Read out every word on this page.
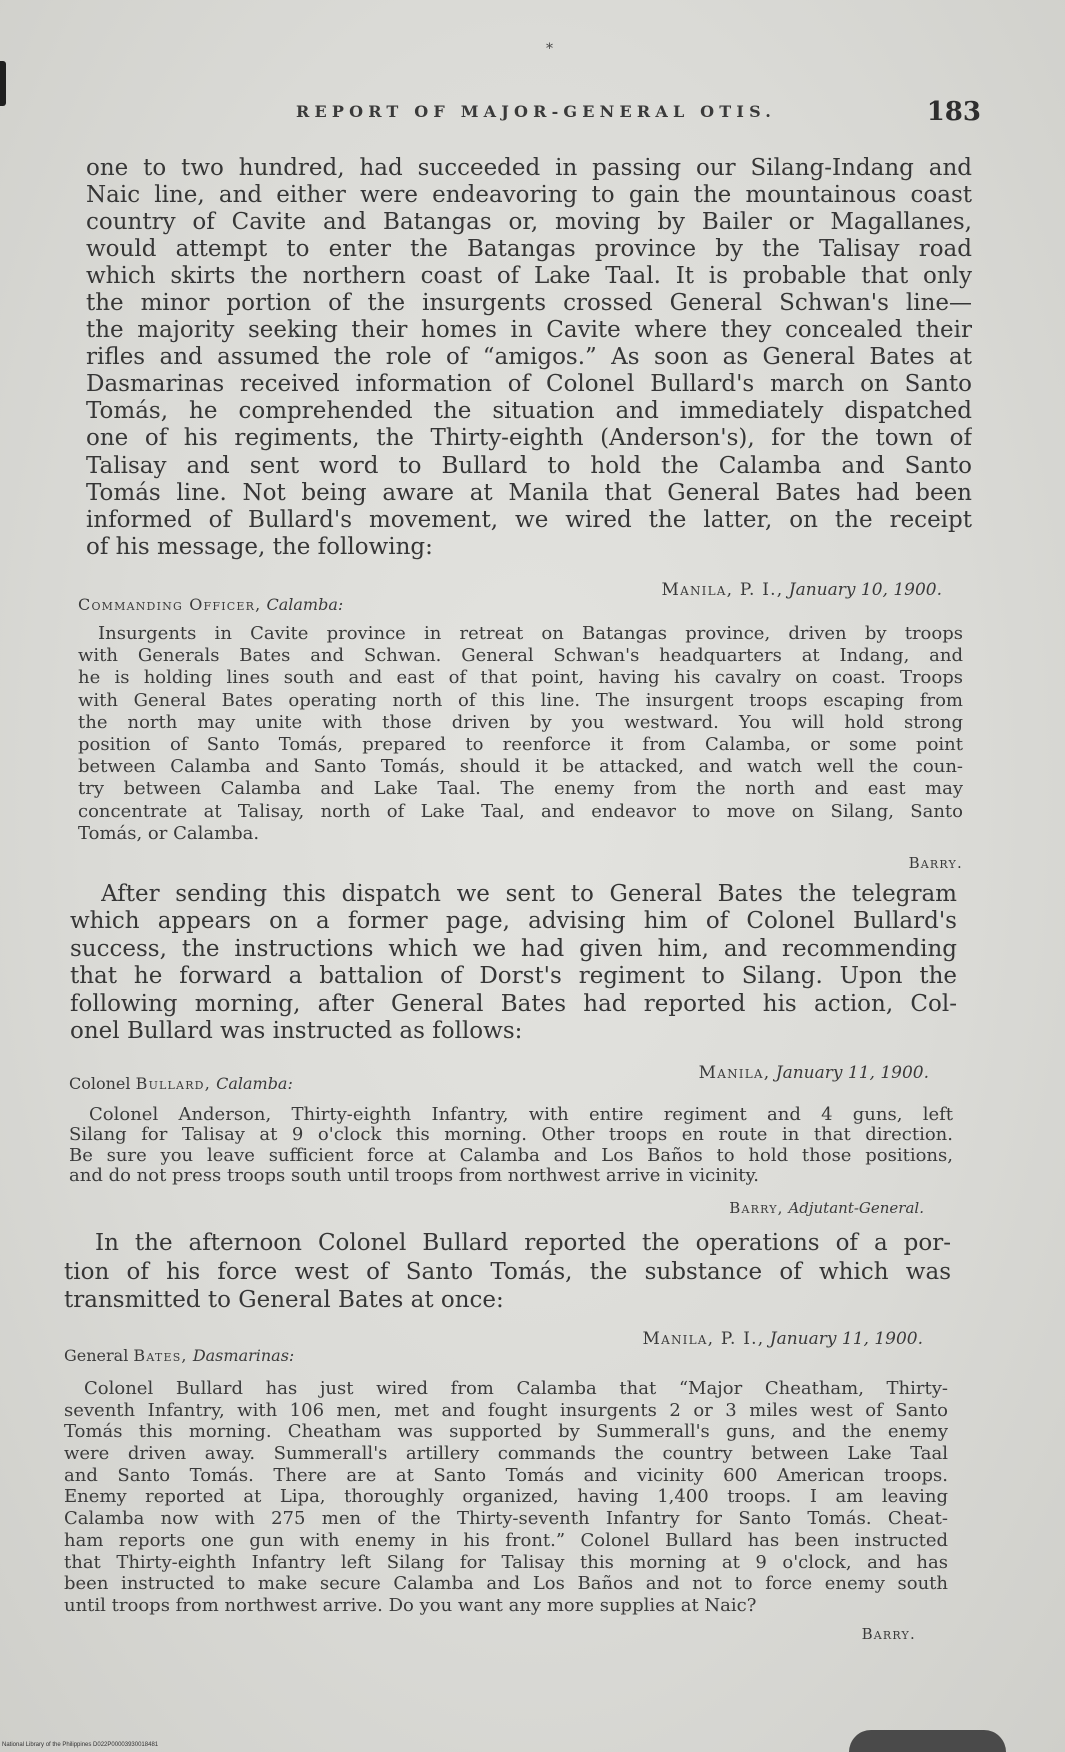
*
REPORT OF MAJOR-GENERAL OTIS.	183
one to two hundred, had succeeded in passing our Silang-Indang and
Naic line, and either were endeavoring to gain the mountainous coast
country of Cavite and Batangas or, moving by Bailer or Magallanes,
would attempt to enter the Batangas province by the Talisay road
which skirts the northern coast of Lake Taal. It is probable that only
the minor portion of the insurgents crossed General Schwan's line—
the majority seeking their homes in Cavite where they concealed their
rifles and assumed the role of “amigos.” As soon as General Bates at
Dasmarinas received information of Colonel Bullard's march on Santo
Tomás, he comprehended the situation and immediately dispatched
one of his regiments, the Thirty-eighth (Anderson's), for the town of
Talisay and sent word to Bullard to hold the Calamba and Santo
Tomás line. Not being aware at Manila that General Bates had been
informed of Bullard's movement, we wired the latter, on the receipt
of his message, the following:
Manila, P. I., January 10, 1900.
Commanding Officer, Calamba:
Insurgents in Cavite province in retreat on Batangas province, driven by troops
with Generals Bates and Schwan. General Schwan's headquarters at Indang, and
he is holding lines south and east of that point, having his cavalry on coast. Troops
with General Bates operating north of this line. The insurgent troops escaping from
the north may unite with those driven by you westward. You will hold strong
position of Santo Tomás, prepared to reenforce it from Calamba, or some point
between Calamba and Santo Tomás, should it be attacked, and watch well the coun-
try between Calamba and Lake Taal. The enemy from the north and east may
concentrate at Talisay, north of Lake Taal, and endeavor to move on Silang, Santo
Tomás, or Calamba.
Barry.
After sending this dispatch we sent to General Bates the telegram
which appears on a former page, advising him of Colonel Bullard's
success, the instructions which we had given him, and recommending
that he forward a battalion of Dorst's regiment to Silang. Upon the
following morning, after General Bates had reported his action, Col-
onel Bullard was instructed as follows:
Manila, January 11, 1900.
Colonel Bullard, Calamba:
Colonel Anderson, Thirty-eighth Infantry, with entire regiment and 4 guns, left
Silang for Talisay at 9 o'clock this morning. Other troops en route in that direction.
Be sure you leave sufficient force at Calamba and Los Baños to hold those positions,
and do not press troops south until troops from northwest arrive in vicinity.
Barry, Adjutant-General.
In the afternoon Colonel Bullard reported the operations of a por-
tion of his force west of Santo Tomás, the substance of which was
transmitted to General Bates at once:
Manila, P. I., January 11, 1900.
General Bates, Dasmarinas:
Colonel Bullard has just wired from Calamba that “Major Cheatham, Thirty-
seventh Infantry, with 106 men, met and fought insurgents 2 or 3 miles west of Santo
Tomás this morning. Cheatham was supported by Summerall's guns, and the enemy
were driven away. Summerall's artillery commands the country between Lake Taal
and Santo Tomás. There are at Santo Tomás and vicinity 600 American troops.
Enemy reported at Lipa, thoroughly organized, having 1,400 troops. I am leaving
Calamba now with 275 men of the Thirty-seventh Infantry for Santo Tomás. Cheat-
ham reports one gun with enemy in his front.” Colonel Bullard has been instructed
that Thirty-eighth Infantry left Silang for Talisay this morning at 9 o'clock, and has
been instructed to make secure Calamba and Los Baños and not to force enemy south
until troops from northwest arrive. Do you want any more supplies at Naic?
Barry.
National Library of the Philippines D022P00003930018481
